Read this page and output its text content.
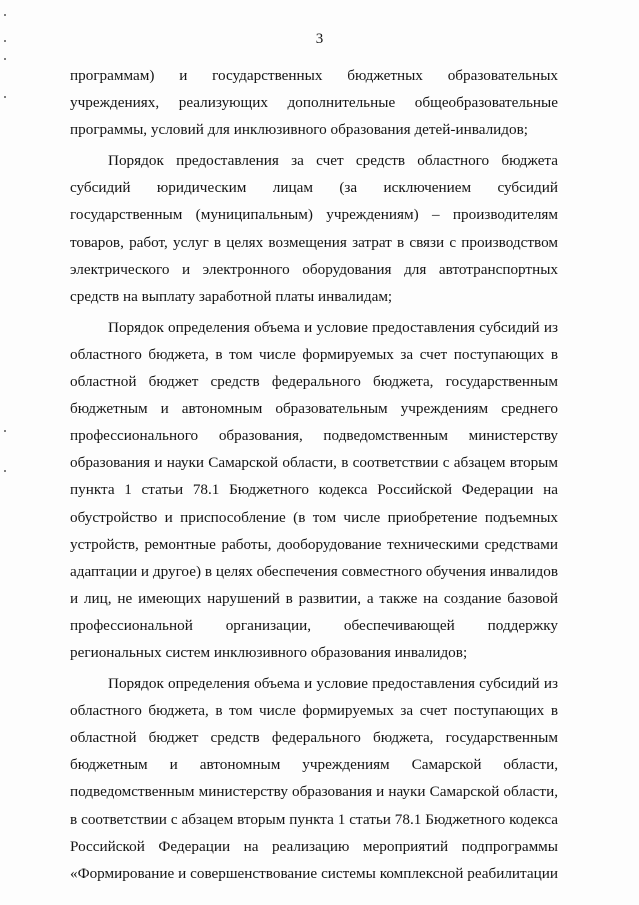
3

программам) и государственных бюджетных образовательных
учреждениях, реализующих дополнительные общеобразовательные
программы, условий для инклюзивного образования детей-инвалидов;

Порядок предоставления за счет средств областного бюджета
субсидий юридическим лицам (за исключением субсидий
государственным (муниципальным) учреждениям) – производителям
товаров, работ, услуг в целях возмещения затрат в связи с производством
электрического и электронного оборудования для автотранспортных
средств на выплату заработной платы инвалидам;

Порядок определения объема и условие предоставления субсидий из
областного бюджета, в том числе формируемых за счет поступающих в
областной бюджет средств федерального бюджета, государственным
бюджетным и автономным образовательным учреждениям среднего
профессионального образования, подведомственным министерству
образования и науки Самарской области, в соответствии с абзацем вторым
пункта 1 статьи 78.1 Бюджетного кодекса Российской Федерации на
обустройство и приспособление (в том числе приобретение подъемных
устройств, ремонтные работы, дооборудование техническими средствами
адаптации и другое) в целях обеспечения совместного обучения инвалидов
и лиц, не имеющих нарушений в развитии, а также на создание базовой
профессиональной организации, обеспечивающей поддержку
региональных систем инклюзивного образования инвалидов;

Порядок определения объема и условие предоставления субсидий из
областного бюджета, в том числе формируемых за счет поступающих в
областной бюджет средств федерального бюджета, государственным
бюджетным и автономным учреждениям Самарской области,
подведомственным министерству образования и науки Самарской области,
в соответствии с абзацем вторым пункта 1 статьи 78.1 Бюджетного кодекса
Российской Федерации на реализацию мероприятий подпрограммы
«Формирование и совершенствование системы комплексной реабилитации
